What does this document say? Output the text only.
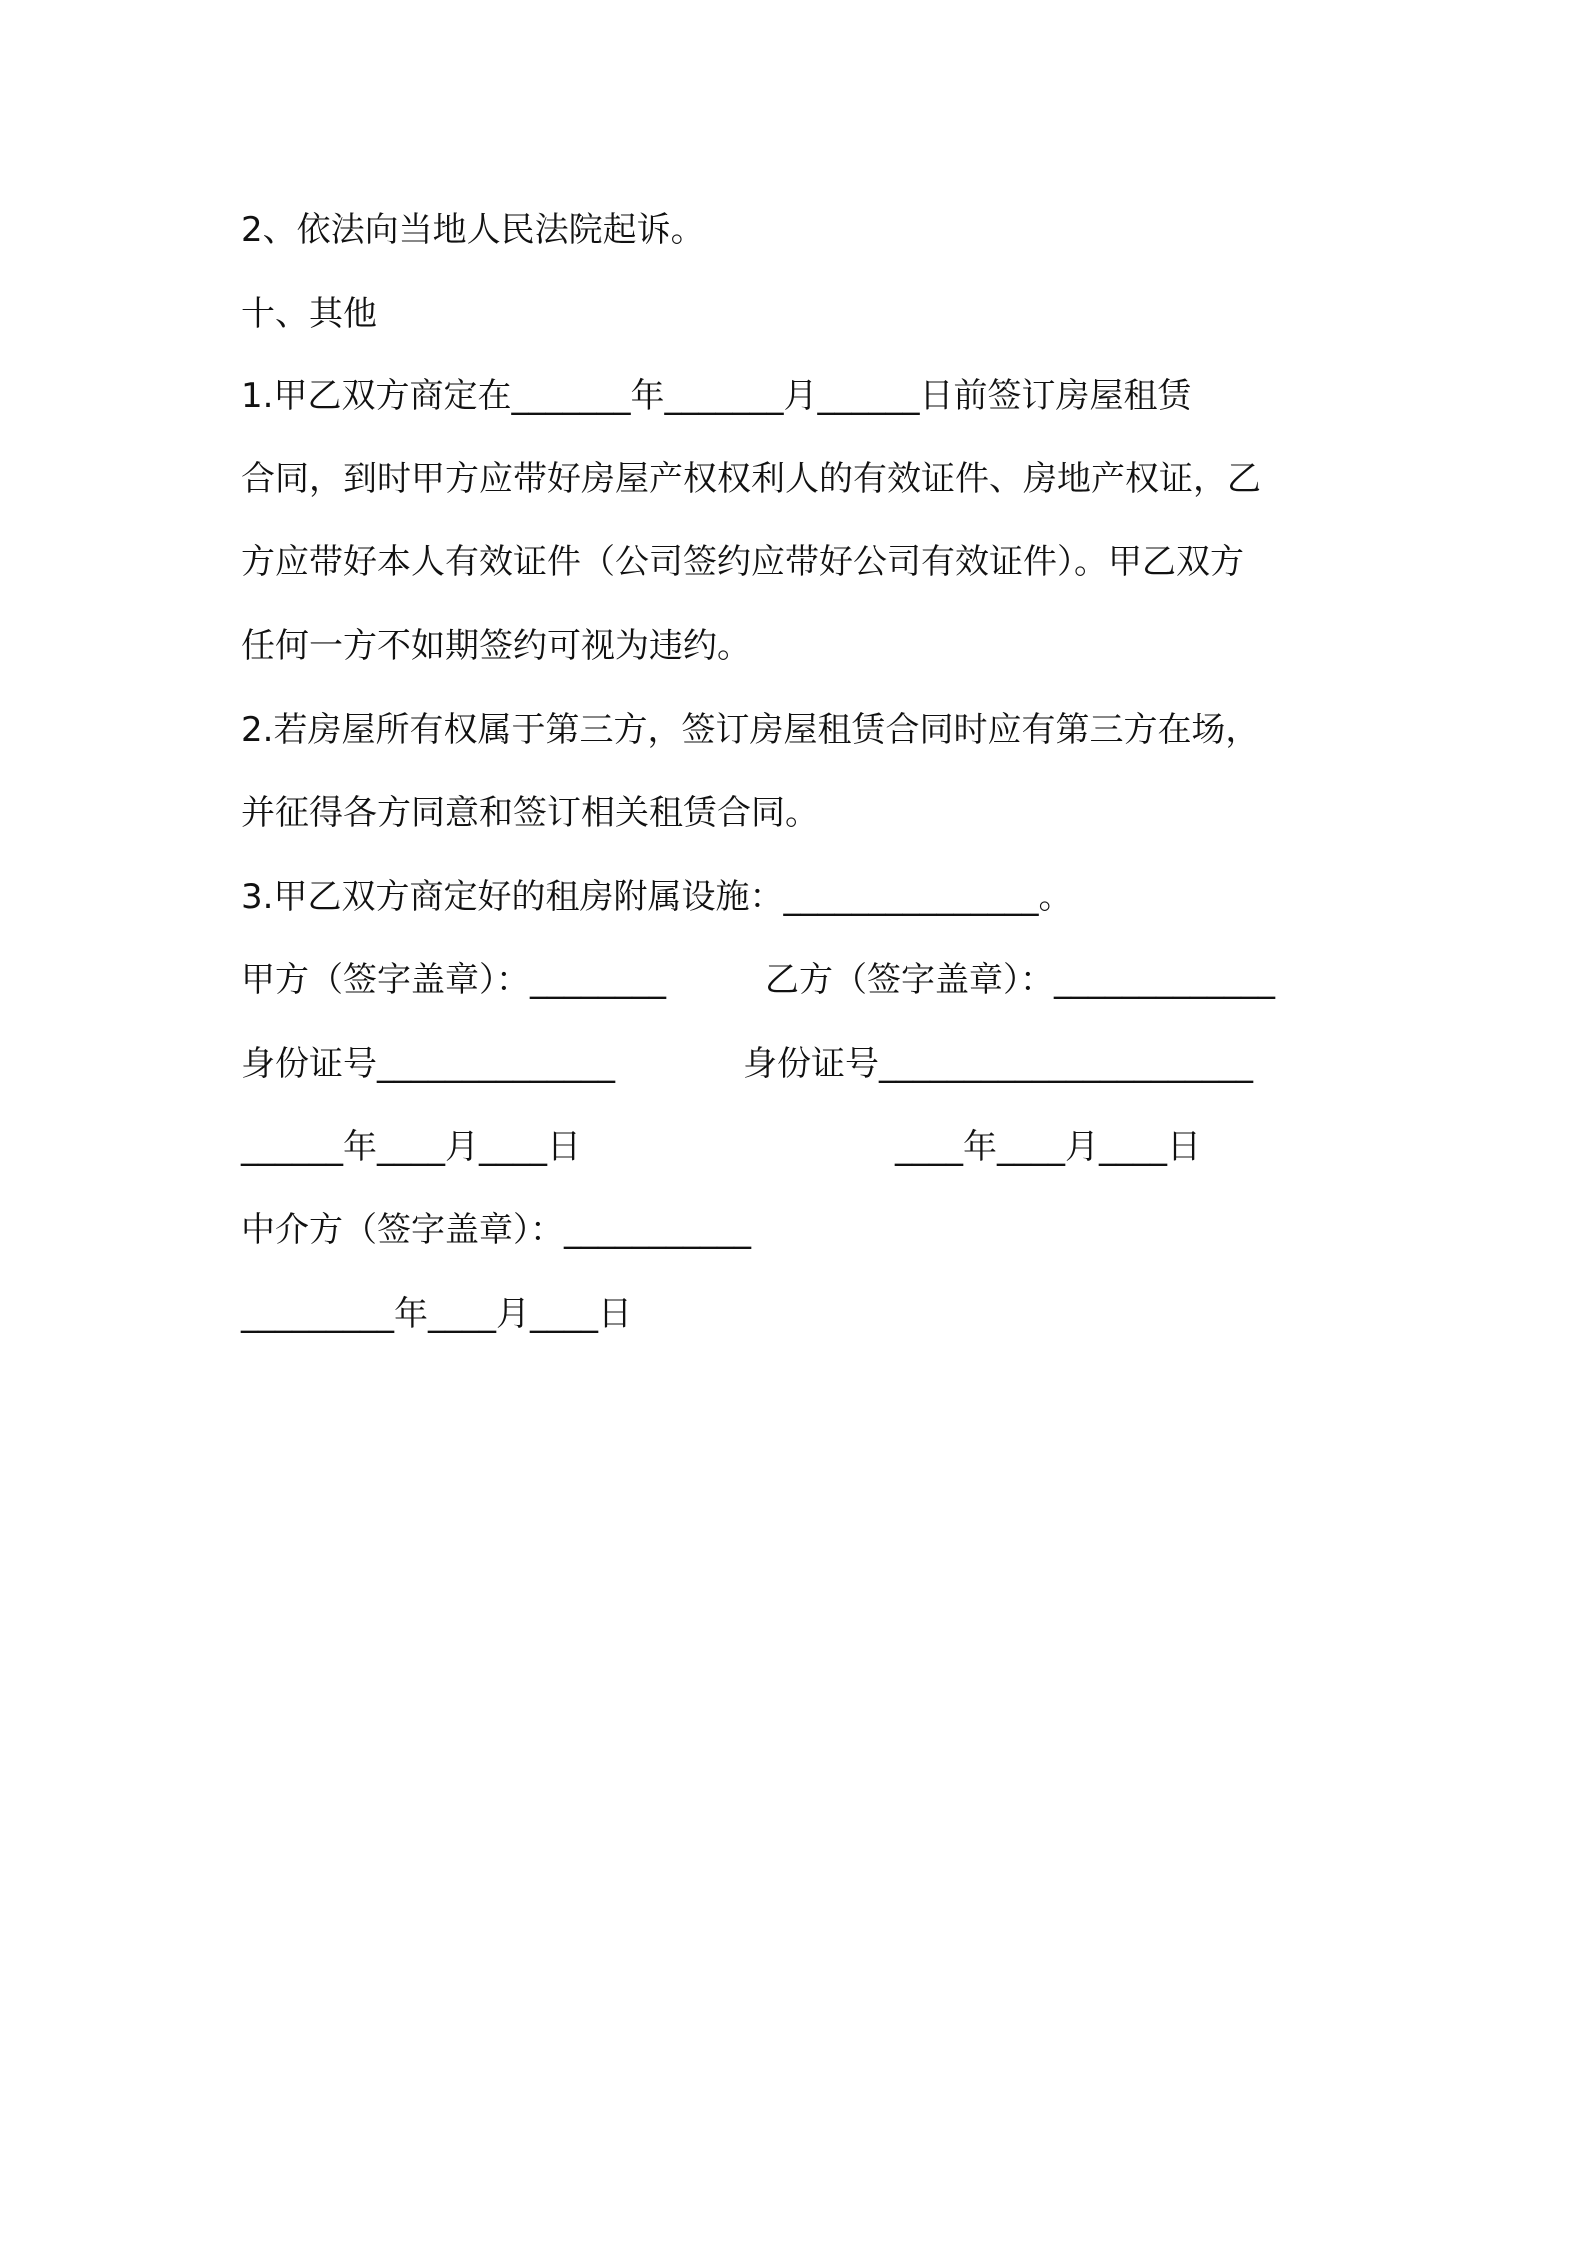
2、依法向当地人民法院起诉。
十、其他
1.甲乙双方商定在_______年_______月______日前签订房屋租赁
合同，到时甲方应带好房屋产权权利人的有效证件、房地产权证，乙
方应带好本人有效证件（公司签约应带好公司有效证件）。甲乙双方
任何一方不如期签约可视为违约。
2.若房屋所有权属于第三方，签订房屋租赁合同时应有第三方在场，
并征得各方同意和签订相关租赁合同。
3.甲乙双方商定好的租房附属设施：_______________。

甲方（签字盖章）：________

	乙方（签字盖章）：_____________

身份证号______________

	身份证号______________________

______年____月____日

	____年____月____日

中介方（签字盖章）：___________
_________年____月____日
